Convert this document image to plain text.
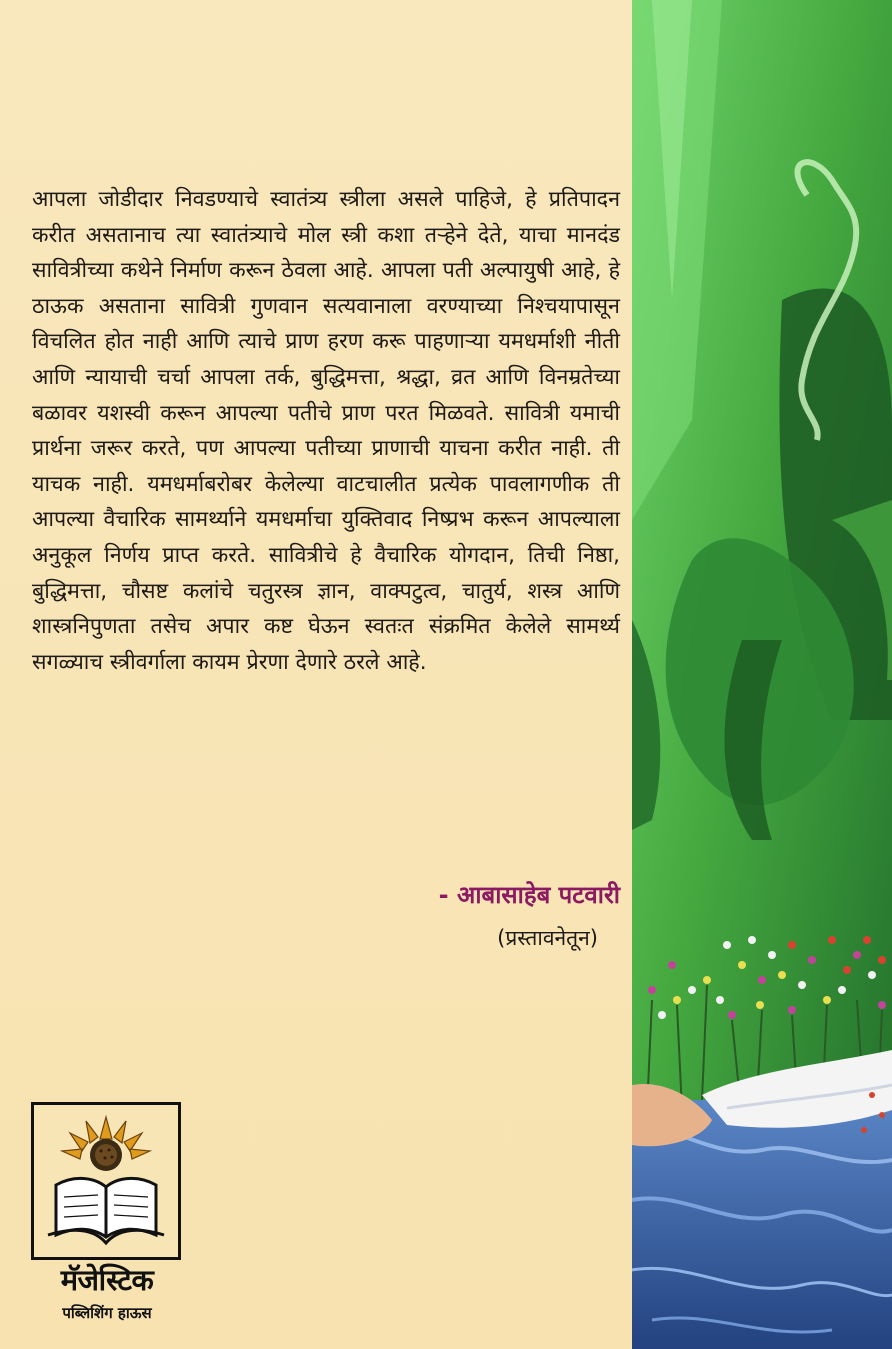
आपला जोडीदार निवडण्याचे स्वातंत्र्य स्त्रीला असले पाहिजे, हे प्रतिपादन करीत असतानाच त्या स्वातंत्र्याचे मोल स्त्री कशा तऱ्हेने देते, याचा मानदंड सावित्रीच्या कथेने निर्माण करून ठेवला आहे. आपला पती अल्पायुषी आहे, हे ठाऊक असताना सावित्री गुणवान सत्यवानाला वरण्याच्या निश्चयापासून विचलित होत नाही आणि त्याचे प्राण हरण करू पाहणाऱ्या यमधर्माशी नीती आणि न्यायाची चर्चा आपला तर्क, बुद्धिमत्ता, श्रद्धा, व्रत आणि विनम्रतेच्या बळावर यशस्वी करून आपल्या पतीचे प्राण परत मिळवते. सावित्री यमाची प्रार्थना जरूर करते, पण आपल्या पतीच्या प्राणाची याचना करीत नाही. ती याचक नाही. यमधर्माबरोबर केलेल्या वाटचालीत प्रत्येक पावलागणीक ती आपल्या वैचारिक सामर्थ्याने यमधर्माचा युक्तिवाद निष्प्रभ करून आपल्याला अनुकूल निर्णय प्राप्त करते. सावित्रीचे हे वैचारिक योगदान, तिची निष्ठा, बुद्धिमत्ता, चौसष्ट कलांचे चतुरस्त्र ज्ञान, वाक्पटुत्व, चातुर्य, शस्त्र आणि शास्त्रनिपुणता तसेच अपार कष्ट घेऊन स्वतःत संक्रमित केलेले सामर्थ्य सगळ्याच स्त्रीवर्गाला कायम प्रेरणा देणारे ठरले आहे.

- आबासाहेब पटवारी
(प्रस्तावनेतून)
मॅजेस्टिक
पब्लिशिंग हाऊस
